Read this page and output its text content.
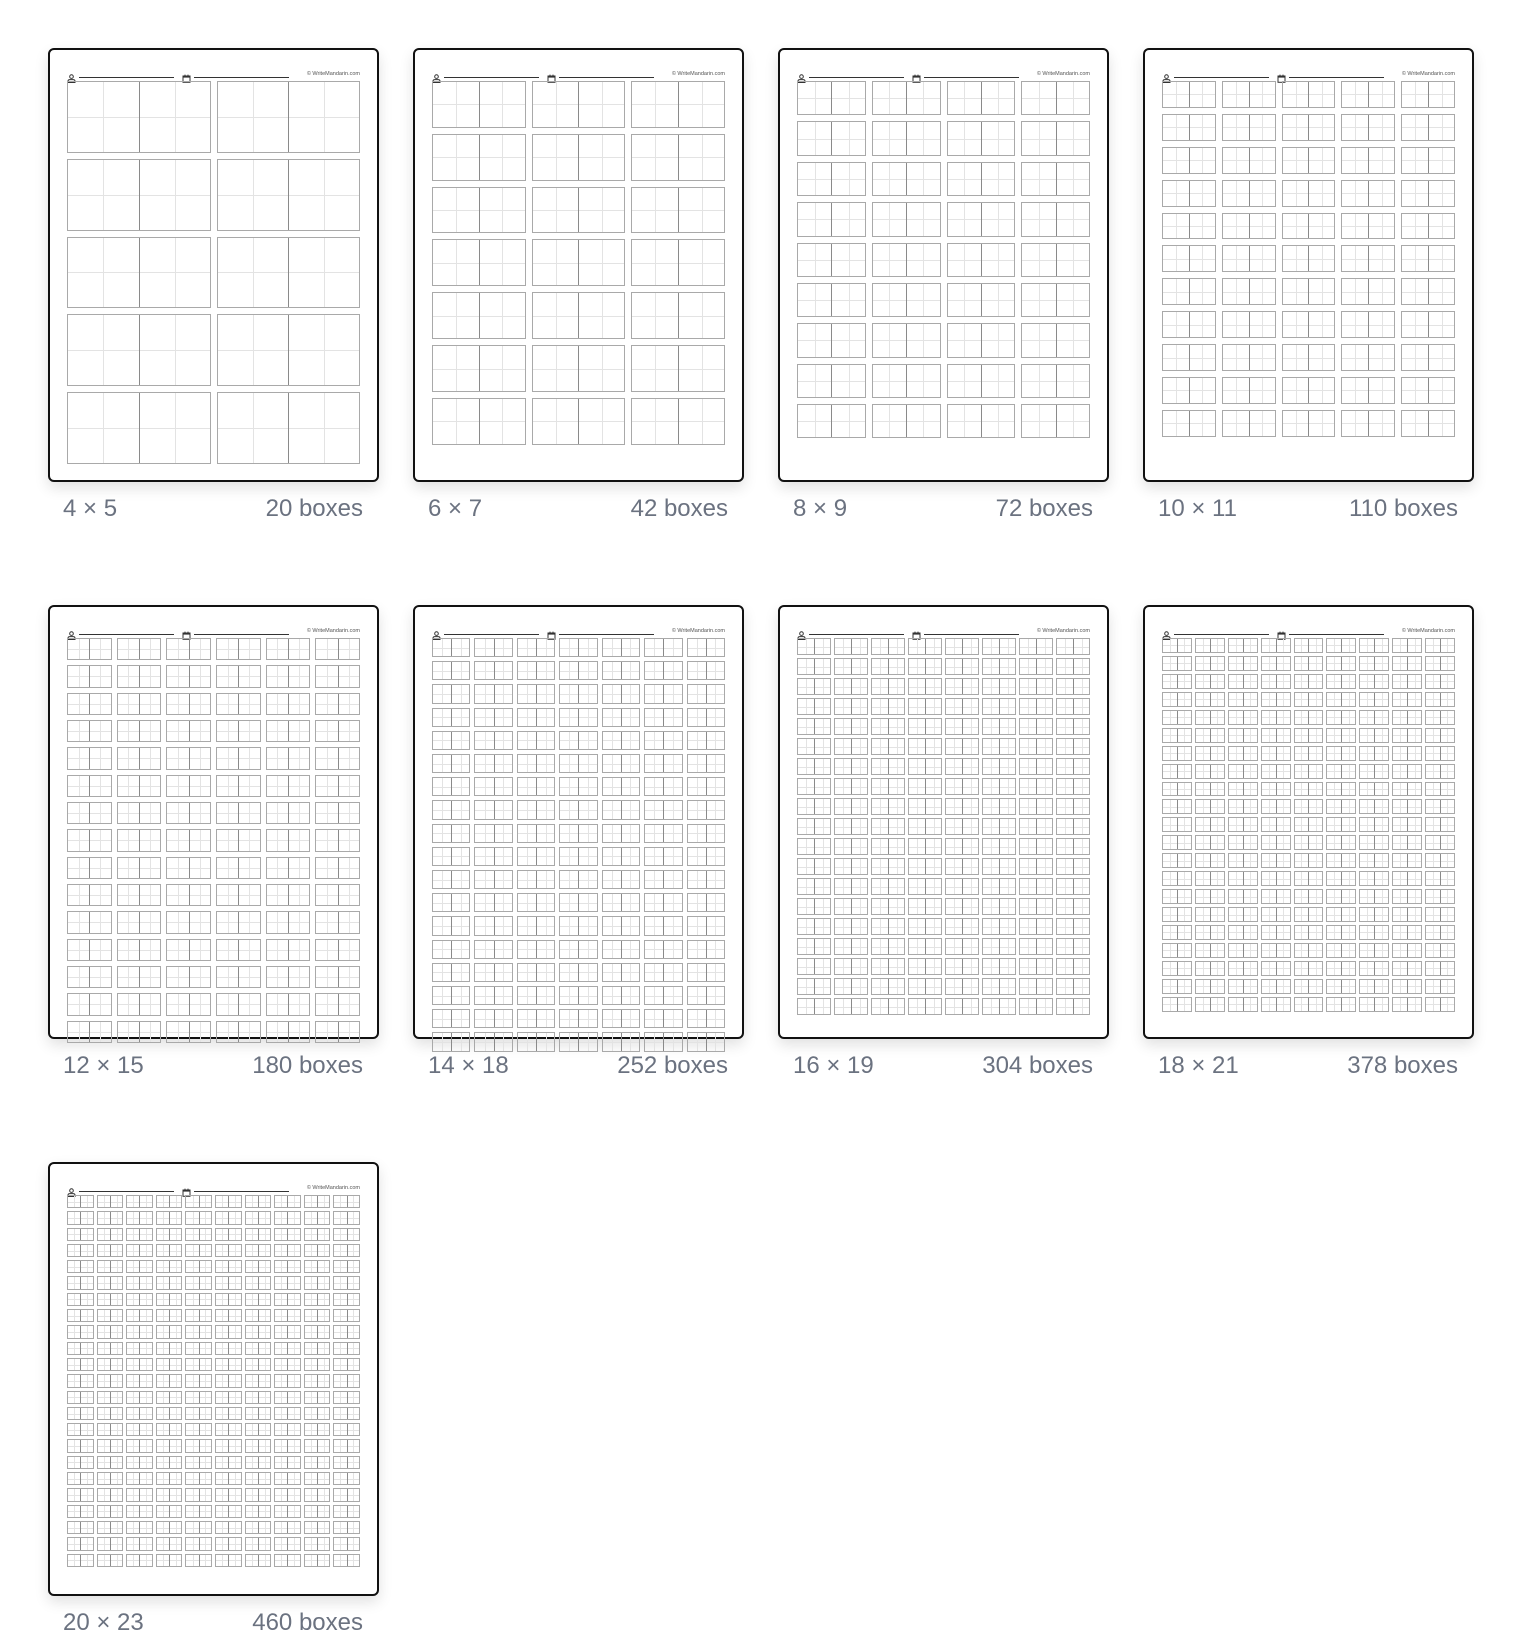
© WriteMandarin.com
4 × 5	20 boxes
© WriteMandarin.com
6 × 7	42 boxes
© WriteMandarin.com
8 × 9	72 boxes
© WriteMandarin.com
10 × 11	110 boxes
© WriteMandarin.com
12 × 15	180 boxes
© WriteMandarin.com
14 × 18	252 boxes
© WriteMandarin.com
16 × 19	304 boxes
© WriteMandarin.com
18 × 21	378 boxes
© WriteMandarin.com
20 × 23	460 boxes
